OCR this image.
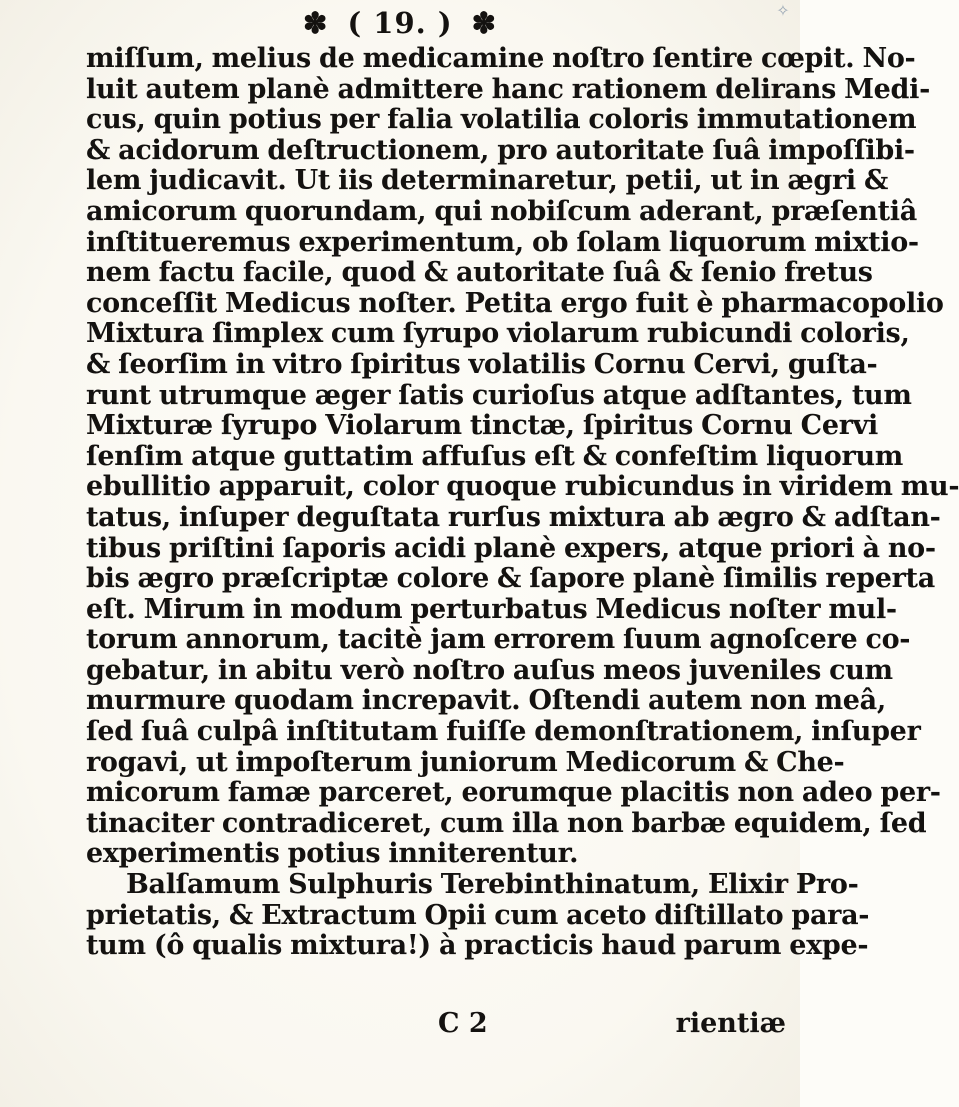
✧
✽ ( 19. ) ✽
miſſum, melius de medicamine noſtro ſentire cœpit. No-
luit autem planè admittere hanc rationem delirans Medi-
cus, quin potius per falia volatilia coloris immutationem
& acidorum deſtructionem, pro autoritate ſuâ impoſſibi-
lem judicavit. Ut iis determinaretur, petii, ut in ægri &
amicorum quorundam, qui nobiſcum aderant, præſentiâ
inſtitueremus experimentum, ob ſolam liquorum mixtio-
nem factu facile, quod & autoritate ſuâ & ſenio fretus
conceſſit Medicus noſter. Petita ergo fuit è pharmacopolio
Mixtura ſimplex cum ſyrupo violarum rubicundi coloris,
& ſeorſim in vitro ſpiritus volatilis Cornu Cervi, guſta-
runt utrumque æger ſatis curioſus atque adſtantes, tum
Mixturæ ſyrupo Violarum tinctæ, ſpiritus Cornu Cervi
ſenſim atque guttatim affuſus eſt & confeſtim liquorum
ebullitio apparuit, color quoque rubicundus in viridem mu-
tatus, inſuper deguſtata rurſus mixtura ab ægro & adſtan-
tibus priſtini ſaporis acidi planè expers, atque priori à no-
bis ægro præſcriptæ colore & ſapore planè ſimilis reperta
eſt. Mirum in modum perturbatus Medicus noſter mul-
torum annorum, tacitè jam errorem ſuum agnoſcere co-
gebatur, in abitu verò noſtro auſus meos juveniles cum
murmure quodam increpavit. Oſtendi autem non meâ,
ſed ſuâ culpâ inſtitutam fuiſſe demonſtrationem, inſuper
rogavi, ut impoſterum juniorum Medicorum & Che-
micorum famæ parceret, eorumque placitis non adeo per-
tinaciter contradiceret, cum illa non barbæ equidem, ſed
experimentis potius inniterentur.
Balſamum Sulphuris Terebinthinatum, Elixir Pro-
prietatis, & Extractum Opii cum aceto diſtillato para-
tum (ô qualis mixtura!) à practicis haud parum expe-
C 2	rientiæ
